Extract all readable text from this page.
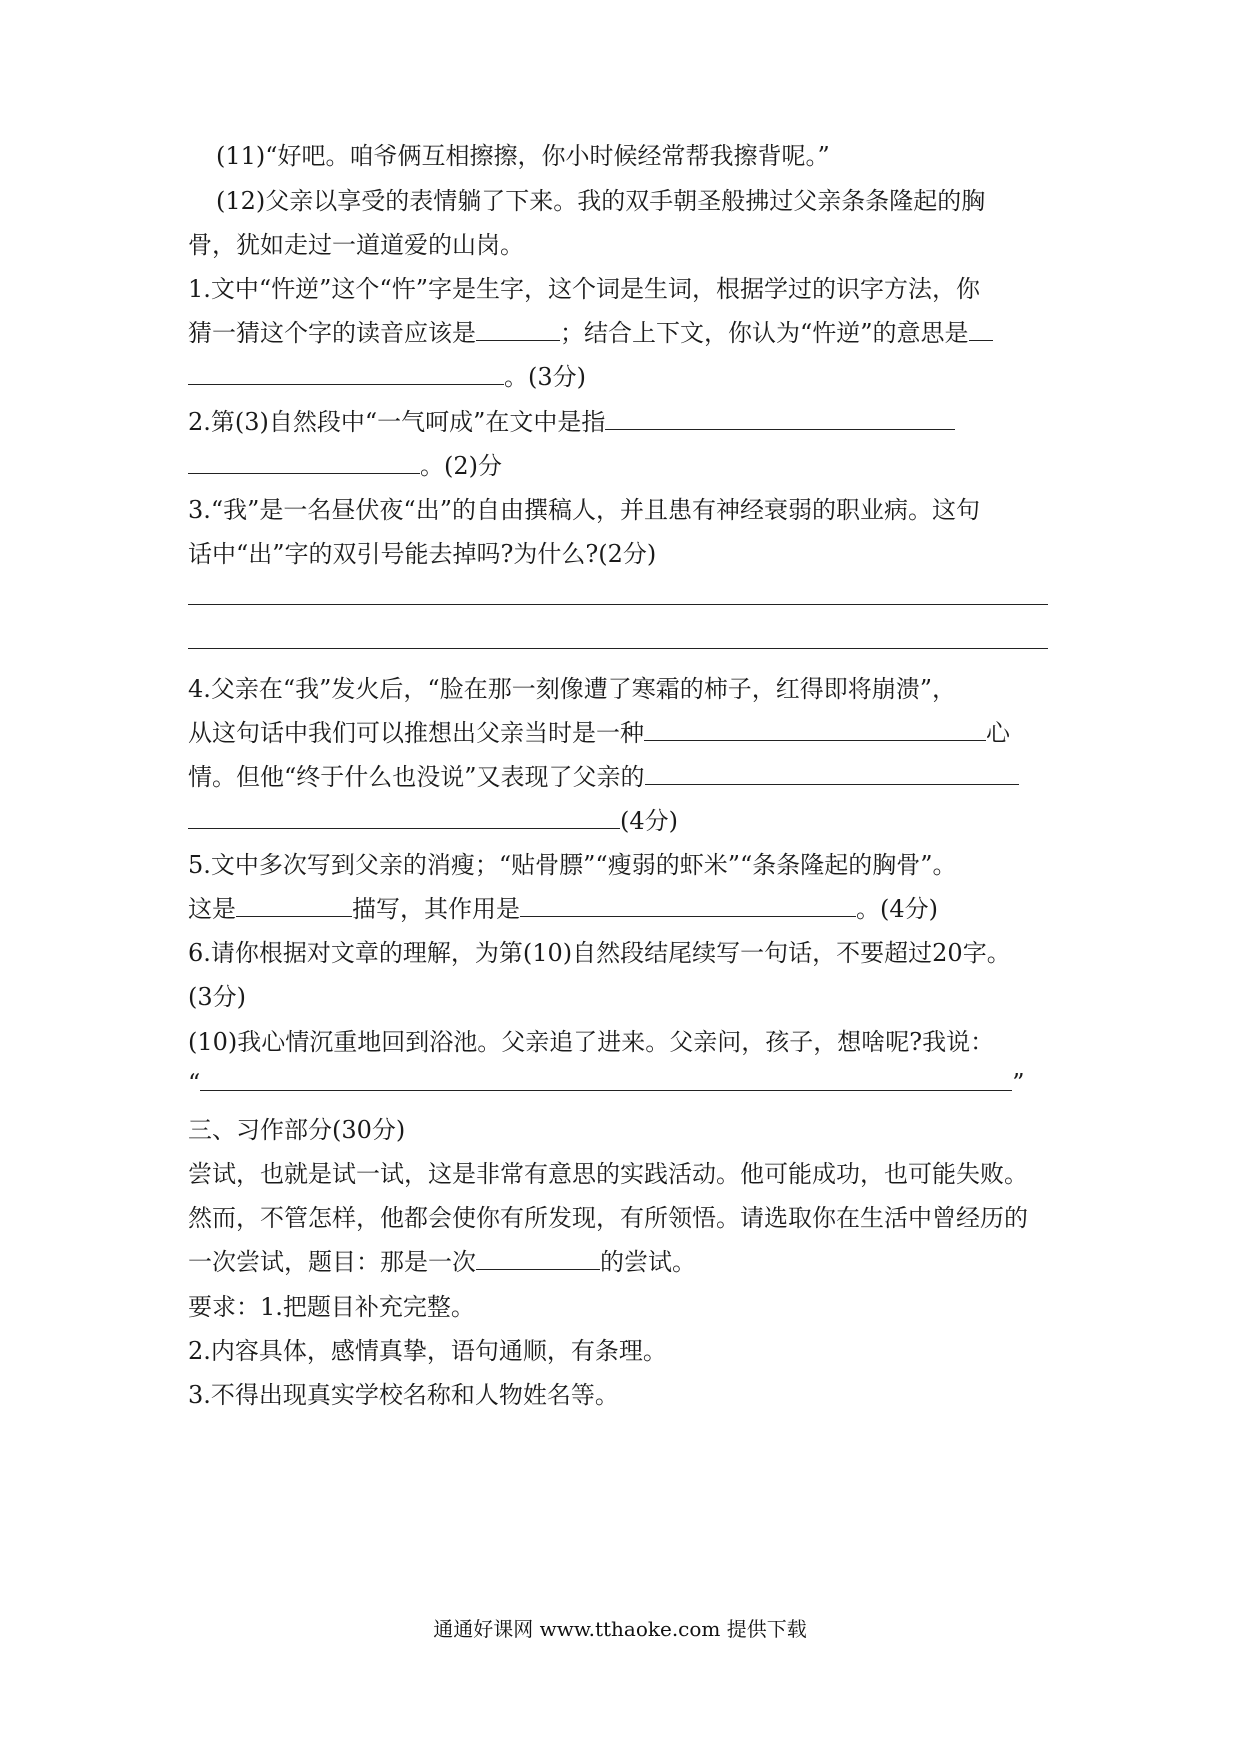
(11)“好吧。咱爷俩互相擦擦，你小时候经常帮我擦背呢。”
(12)父亲以享受的表情躺了下来。我的双手朝圣般拂过父亲条条隆起的胸
骨，犹如走过一道道爱的山岗。
1.文中“忤逆”这个“忤”字是生字，这个词是生词，根据学过的识字方法，你
猜一猜这个字的读音应该是	；结合上下文，你认为“忤逆”的意思是
。(3分)
2.第(3)自然段中“一气呵成”在文中是指
。(2)分
3.“我”是一名昼伏夜“出”的自由撰稿人，并且患有神经衰弱的职业病。这句
话中“出”字的双引号能去掉吗?为什么?(2分)
4.父亲在“我”发火后，“脸在那一刻像遭了寒霜的柿子，红得即将崩溃”，
从这句话中我们可以推想出父亲当时是一种	心
情。但他“终于什么也没说”又表现了父亲的
(4分)
5.文中多次写到父亲的消瘦；“贴骨膘”“瘦弱的虾米”“条条隆起的胸骨”。
这是	描写，其作用是	。(4分)
6.请你根据对文章的理解，为第(10)自然段结尾续写一句话，不要超过20字。
(3分)
(10)我心情沉重地回到浴池。父亲追了进来。父亲问，孩子，想啥呢?我说：
“	”
三、习作部分(30分)
尝试，也就是试一试，这是非常有意思的实践活动。他可能成功，也可能失败。
然而，不管怎样，他都会使你有所发现，有所领悟。请选取你在生活中曾经历的
一次尝试，题目：那是一次	的尝试。
要求：1.把题目补充完整。
2.内容具体，感情真挚，语句通顺，有条理。
3.不得出现真实学校名称和人物姓名等。
通通好课网 www.tthaoke.com 提供下载
